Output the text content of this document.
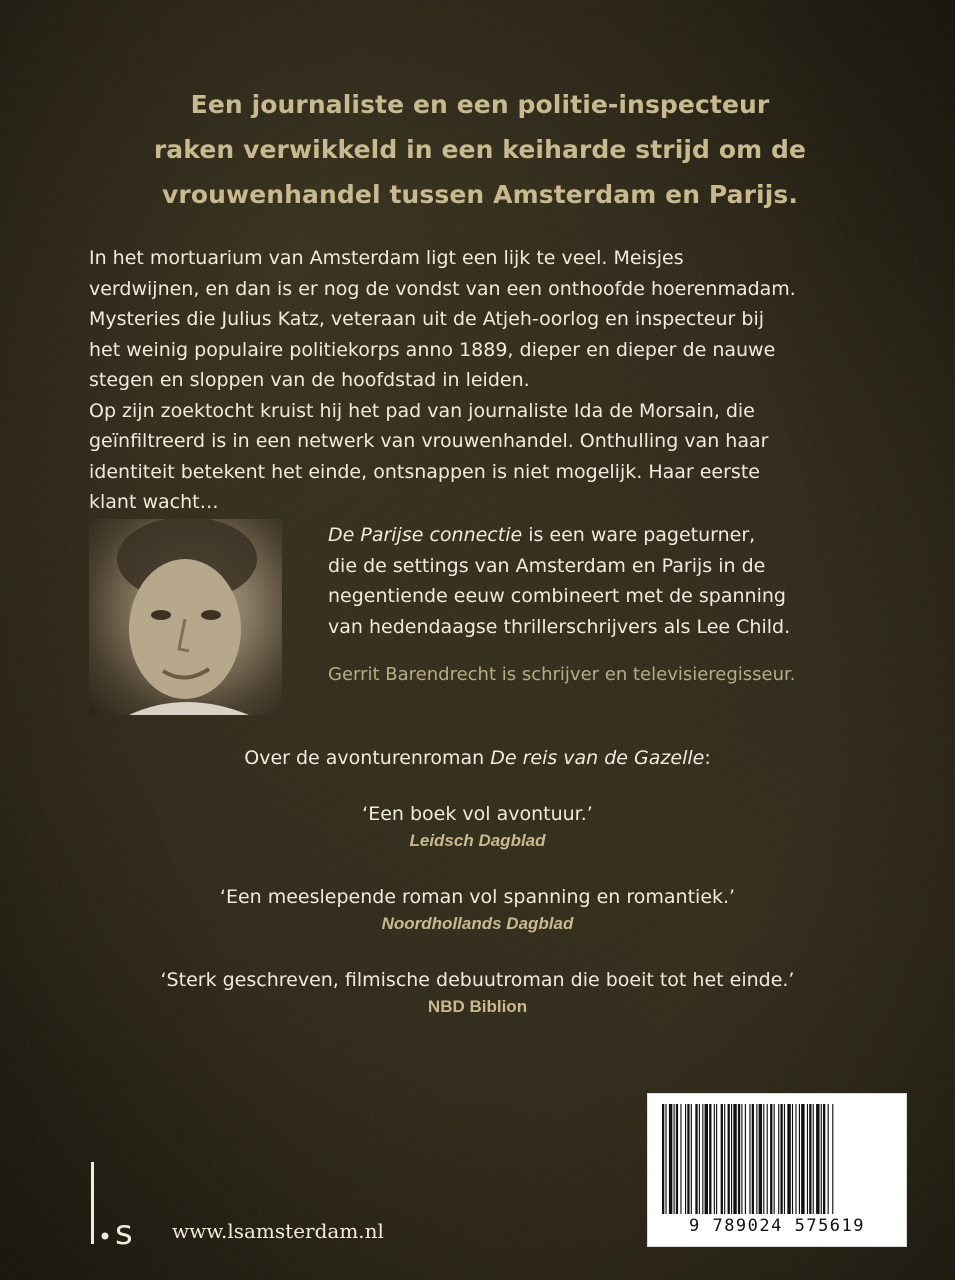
Een journaliste en een politie-inspecteur
raken verwikkeld in een keiharde strijd om de
vrouwenhandel tussen Amsterdam en Parijs.
In het mortuarium van Amsterdam ligt een lijk te veel. Meisjes
verdwijnen, en dan is er nog de vondst van een onthoofde hoerenmadam.
Mysteries die Julius Katz, veteraan uit de Atjeh-oorlog en inspecteur bij
het weinig populaire politiekorps anno 1889, dieper en dieper de nauwe
stegen en sloppen van de hoofdstad in leiden.
Op zijn zoektocht kruist hij het pad van journaliste Ida de Morsain, die
geïnfiltreerd is in een netwerk van vrouwenhandel. Onthulling van haar
identiteit betekent het einde, ontsnappen is niet mogelijk. Haar eerste
klant wacht…
De Parijse connectie is een ware pageturner,
die de settings van Amsterdam en Parijs in de
negentiende eeuw combineert met de spanning
van hedendaagse thrillerschrijvers als Lee Child.
Gerrit Barendrecht is schrijver en televisieregisseur.
Over de avonturenroman De reis van de Gazelle:
‘Een boek vol avontuur.’
Leidsch Dagblad
‘Een meeslepende roman vol spanning en romantiek.’
Noordhollands Dagblad
‘Sterk geschreven, filmische debuutroman die boeit tot het einde.’
NBD Biblion
s www.lsamsterdam.nl	9 789024 575619
